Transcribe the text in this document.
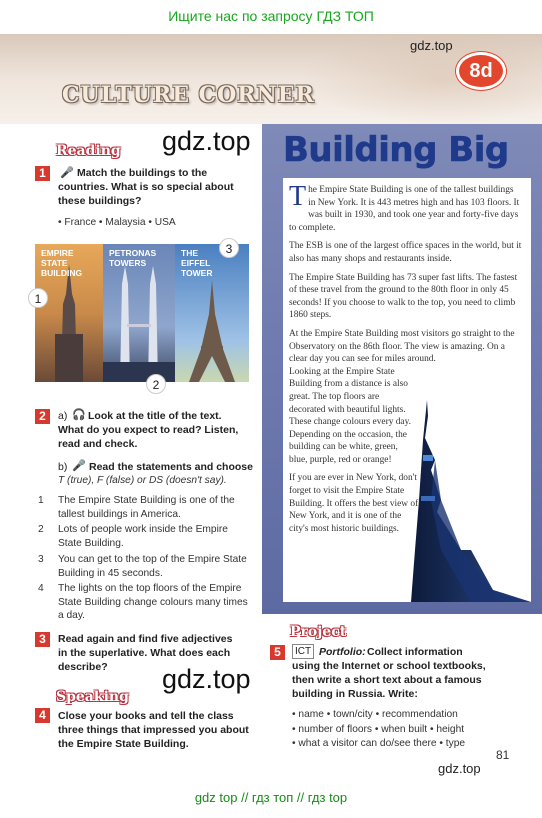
Ищите нас по запросу ГДЗ ТОП
CULTURE CORNER
gdz.top
8d
Reading gdz.top
1	🎤 Match the buildings to the countries. What is so special about these buildings?
• France • Malaysia • USA
EMPIRE STATE BUILDING
PETRONAS TOWERS
THE EIFFEL TOWER
1
2
3
2	a) 🎧 Look at the title of the text. What do you expect to read? Listen, read and check.
b) 🎤 Read the statements and choose
T (true), F (false) or DS (doesn't say).
1 The Empire State Building is one of the tallest buildings in America.
2 Lots of people work inside the Empire State Building.
3 You can get to the top of the Empire State Building in 45 seconds.
4 The lights on the top floors of the Empire State Building change colours many times a day.
3	Read again and find five adjectives in the superlative. What does each describe?	gdz.top
Speaking
4	Close your books and tell the class three things that impressed you about the Empire State Building.
Building Big
The Empire State Building is one of the tallest buildings in New York. It is 443 metres high and has 103 floors. It was built in 1930, and took one year and forty-five days to complete.
The ESB is one of the largest office spaces in the world, but it also has many shops and restaurants inside.
The Empire State Building has 73 super fast lifts. The fastest of these travel from the ground to the 80th floor in only 45 seconds! If you choose to walk to the top, you need to climb 1860 steps.
At the Empire State Building most visitors go straight to the Observatory on the 86th floor. The view is amazing. On a clear day you can see for miles around.
Looking at the Empire State Building from a distance is also great. The top floors are decorated with beautiful lights. These change colours every day. Depending on the occasion, the building can be white, green, blue, purple, red or orange!
If you are ever in New York, don't forget to visit the Empire State Building. It offers the best view of New York, and it is one of the city's most historic buildings.
Project
5	ICT Portfolio: Collect information using the Internet or school textbooks, then write a short text about a famous building in Russia. Write:
• name • town/city • recommendation
• number of floors • when built • height
• what a visitor can do/see there • type
81
gdz.top
gdz top // гдз топ // гдз top
